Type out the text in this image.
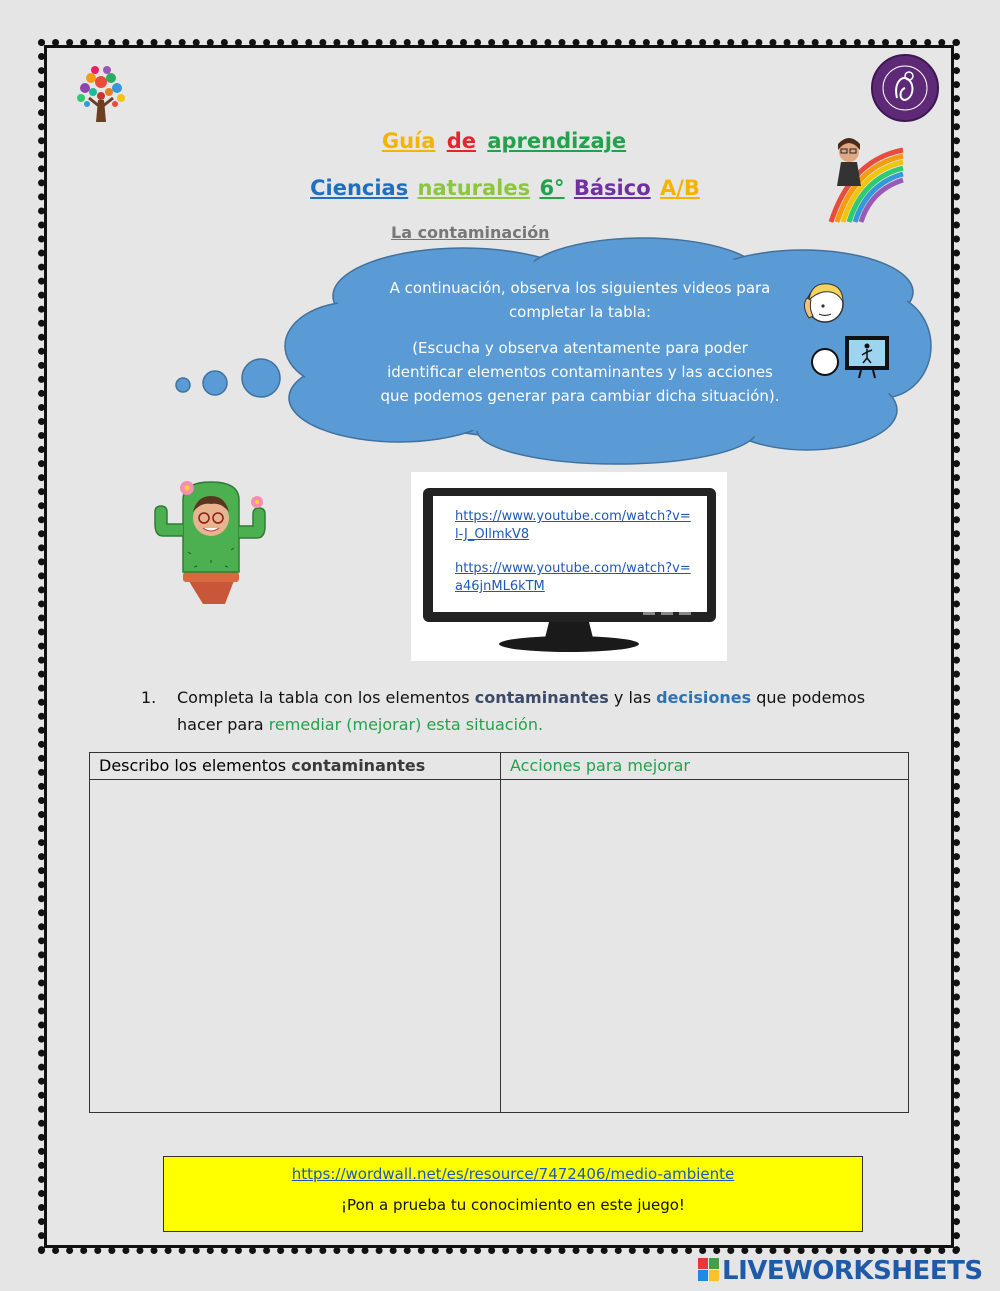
Guía de aprendizaje
Ciencias naturales 6° Básico A/B
La contaminación
A continuación, observa los siguientes videos para
completar la tabla:
(Escucha y observa atentamente para poder
identificar elementos contaminantes y las acciones
que podemos generar para cambiar dicha situación).
https://www.youtube.com/watch?v=
l-J_OllmkV8
https://www.youtube.com/watch?v=
a46jnML6kTM
1.	Completa la tabla con los elementos contaminantes y las decisiones que podemos
hacer para remediar (mejorar) esta situación.
Describo los elementos contaminantes	Acciones para mejorar

https://wordwall.net/es/resource/7472406/medio-ambiente
¡Pon a prueba tu conocimiento en este juego!
LIVEWORKSHEETS
